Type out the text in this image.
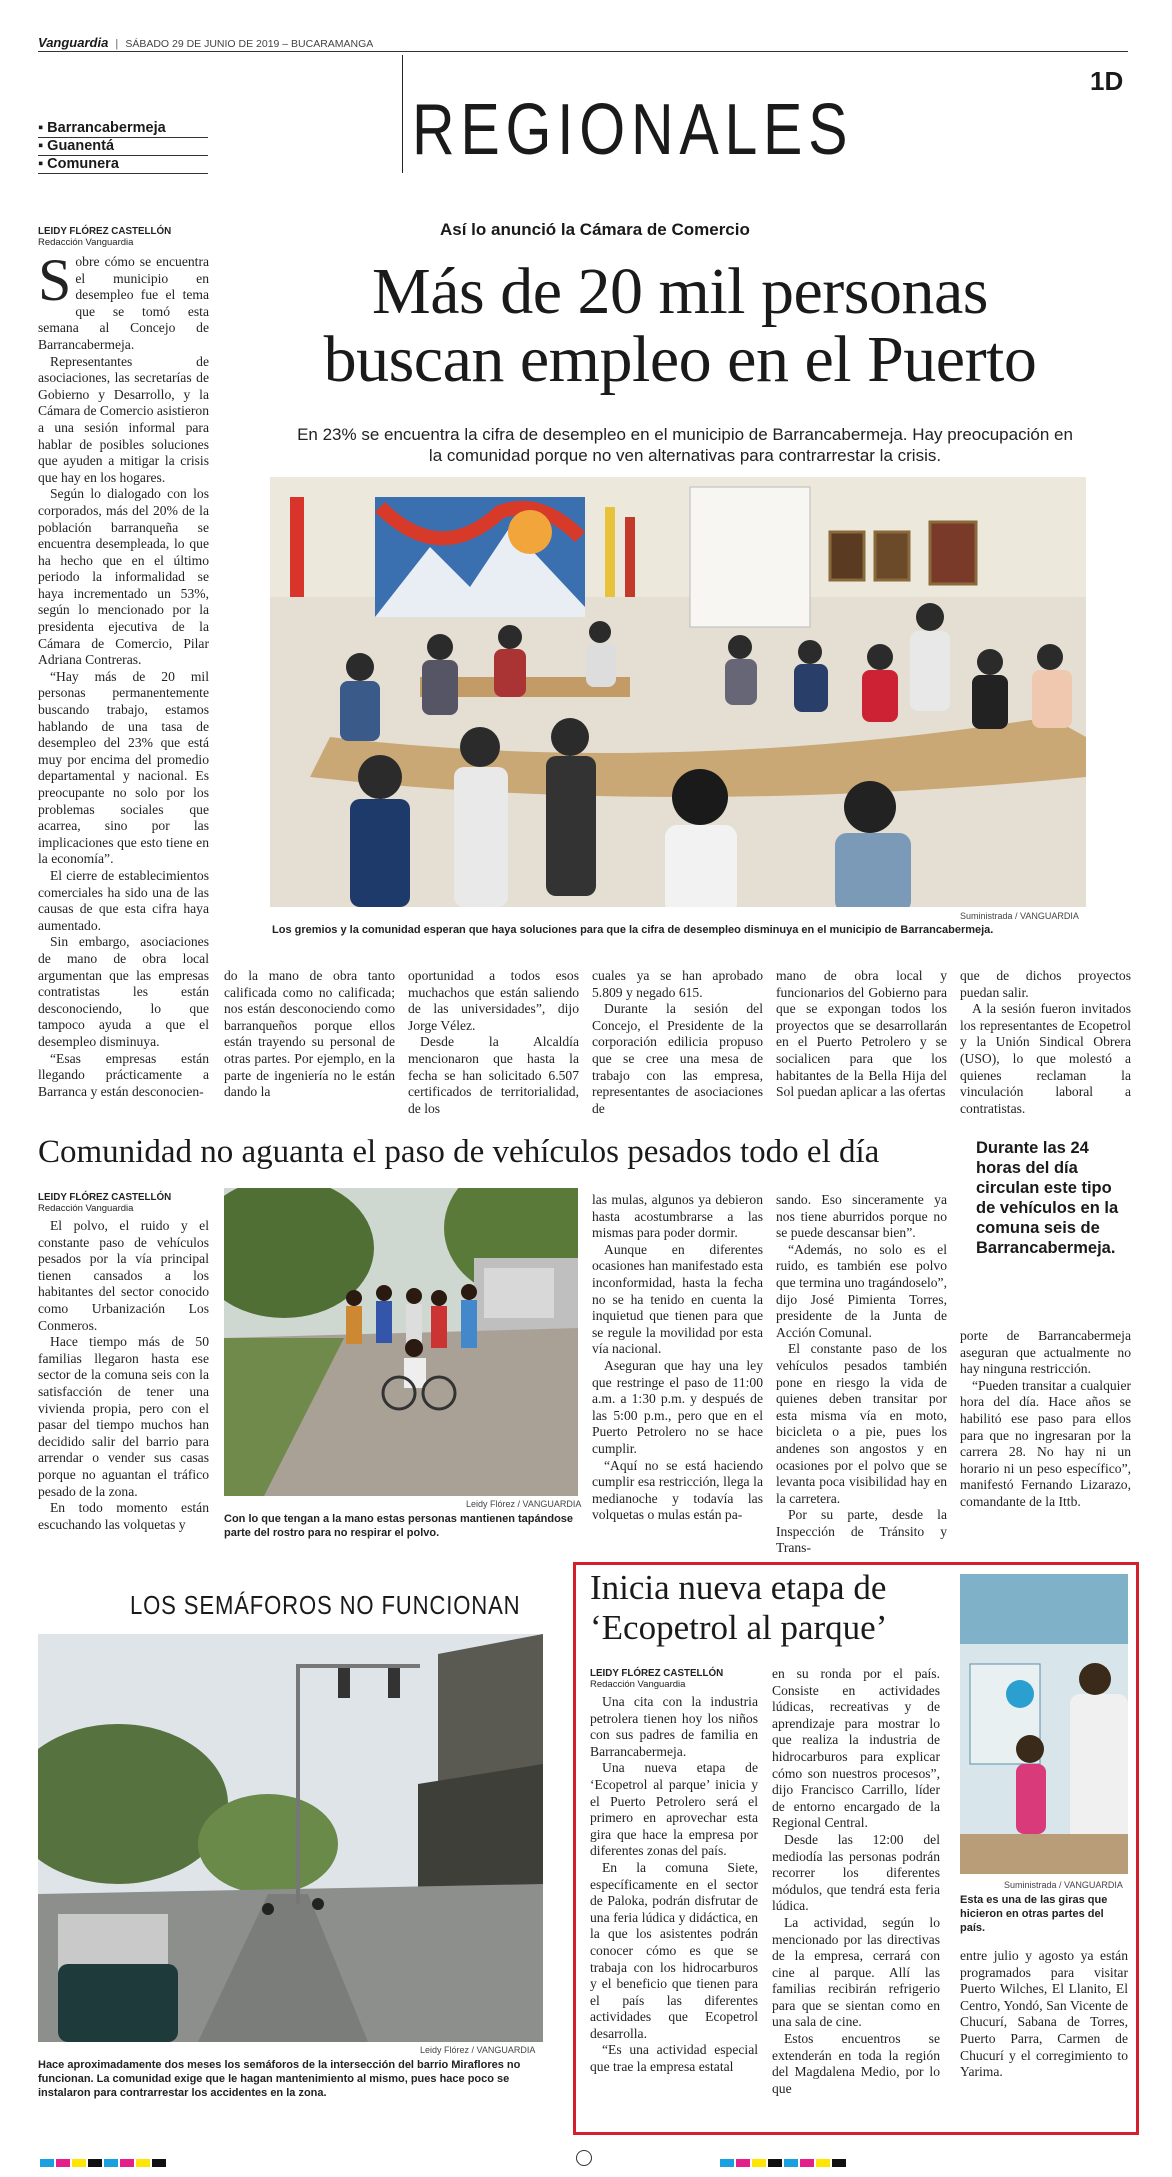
Vanguardia | SÁBADO 29 DE JUNIO DE 2019 – BUCARAMANGA
1D
▪ Barrancabermeja
▪ Guanentá
▪ Comunera	REGIONALES
LEIDY FLÓREZ CASTELLÓN
Redacción Vanguardia
Así lo anunció la Cámara de Comercio
Más de 20 mil personas
buscan empleo en el Puerto
En 23% se encuentra la cifra de desempleo en el municipio de Barrancabermeja. Hay preocupación en
la comunidad porque no ven alternativas para contrarrestar la crisis.
S obre cómo se encuentra el municipio en desempleo fue el tema que se tomó esta semana al Concejo de Barrancabermeja.

Representantes de asociaciones, las secretarías de Gobierno y Desarrollo, y la Cámara de Comercio asistieron a una sesión informal para hablar de posibles soluciones que ayuden a mitigar la crisis que hay en los hogares.

Según lo dialogado con los corporados, más del 20% de la población barranqueña se encuentra desempleada, lo que ha hecho que en el último periodo la informalidad se haya incrementado un 53%, según lo mencionado por la presidenta ejecutiva de la Cámara de Comercio, Pilar Adriana Contreras.

“Hay más de 20 mil personas permanentemente buscando trabajo, estamos hablando de una tasa de desempleo del 23% que está muy por encima del promedio departamental y nacional. Es preocupante no solo por los problemas sociales que acarrea, sino por las implicaciones que esto tiene en la economía”.

El cierre de establecimientos comerciales ha sido una de las causas de que esta cifra haya aumentado.

Sin embargo, asociaciones de mano de obra local argumentan que las empresas contratistas les están desconociendo, lo que tampoco ayuda a que el desempleo disminuya.

“Esas empresas están llegando prácticamente a Barranca y están desconocien-

Suministrada / VANGUARDIA
Los gremios y la comunidad esperan que haya soluciones para que la cifra de desempleo disminuya en el municipio de Barrancabermeja.

do la mano de obra tanto calificada como no calificada; nos están desconociendo como barranqueños porque ellos están trayendo su personal de otras partes. Por ejemplo, en la parte de ingeniería no le están dando la

oportunidad a todos esos muchachos que están saliendo de las universidades”, dijo Jorge Vélez.

Desde la Alcaldía mencionaron que hasta la fecha se han solicitado 6.507 certificados de territorialidad, de los

cuales ya se han aprobado 5.809 y negado 615.

Durante la sesión del Concejo, el Presidente de la corporación edilicia propuso que se cree una mesa de trabajo con las empresa, representantes de asociaciones de

mano de obra local y funcionarios del Gobierno para que se expongan todos los proyectos que se desarrollarán en el Puerto Petrolero y se socialicen para que los habitantes de la Bella Hija del Sol puedan aplicar a las ofertas

que de dichos proyectos puedan salir.

A la sesión fueron invitados los representantes de Ecopetrol y la Unión Sindical Obrera (USO), lo que molestó a quienes reclaman la vinculación laboral a contratistas.

Comunidad no aguanta el paso de vehículos pesados todo el día
LEIDY FLÓREZ CASTELLÓN
Redacción Vanguardia

El polvo, el ruido y el constante paso de vehículos pesados por la vía principal tienen cansados a los habitantes del sector conocido como Urbanización Los Conmeros.

Hace tiempo más de 50 familias llegaron hasta ese sector de la comuna seis con la satisfacción de tener una vivienda propia, pero con el pasar del tiempo muchos han decidido salir del barrio para arrendar o vender sus casas porque no aguantan el tráfico pesado de la zona.

En todo momento están escuchando las volquetas y

Leidy Flórez / VANGUARDIA
Con lo que tengan a la mano estas personas mantienen tapándose parte del rostro para no respirar el polvo.

las mulas, algunos ya debieron hasta acostumbrarse a las mismas para poder dormir.

Aunque en diferentes ocasiones han manifestado esta inconformidad, hasta la fecha no se ha tenido en cuenta la inquietud que tienen para que se regule la movilidad por esta vía nacional.

Aseguran que hay una ley que restringe el paso de 11:00 a.m. a 1:30 p.m. y después de las 5:00 p.m., pero que en el Puerto Petrolero no se hace cumplir.

“Aquí no se está haciendo cumplir esa restricción, llega la medianoche y todavía las volquetas o mulas están pa-

sando. Eso sinceramente ya nos tiene aburridos porque no se puede descansar bien”.

“Además, no solo es el ruido, es también ese polvo que termina uno tragándoselo”, dijo José Pimienta Torres, presidente de la Junta de Acción Comunal.

El constante paso de los vehículos pesados también pone en riesgo la vida de quienes deben transitar por esta misma vía en moto, bicicleta o a pie, pues los andenes son angostos y en ocasiones por el polvo que se levanta poca visibilidad hay en la carretera.

Por su parte, desde la Inspección de Tránsito y Trans-

Durante las 24 horas del día circulan este tipo de vehículos en la comuna seis de Barrancabermeja.

porte de Barrancabermeja aseguran que actualmente no hay ninguna restricción.

“Pueden transitar a cualquier hora del día. Hace años se habilitó ese paso para ellos para que no ingresaran por la carrera 28. No hay ni un horario ni un peso específico”, manifestó Fernando Lizarazo, comandante de la Ittb.

LOS SEMÁFOROS NO FUNCIONAN
Leidy Flórez / VANGUARDIA
Hace aproximadamente dos meses los semáforos de la intersección del barrio Miraflores no funcionan. La comunidad exige que le hagan mantenimiento al mismo, pues hace poco se instalaron para contrarrestar los accidentes en la zona.
Inicia nueva etapa de
‘Ecopetrol al parque’
LEIDY FLÓREZ CASTELLÓN
Redacción Vanguardia

Una cita con la industria petrolera tienen hoy los niños con sus padres de familia en Barrancabermeja.

Una nueva etapa de ‘Ecopetrol al parque’ inicia y el Puerto Petrolero será el primero en aprovechar esta gira que hace la empresa por diferentes zonas del país.

En la comuna Siete, específicamente en el sector de Paloka, podrán disfrutar de una feria lúdica y didáctica, en la que los asistentes podrán conocer cómo es que se trabaja con los hidrocarburos y el beneficio que tienen para el país las diferentes actividades que Ecopetrol desarrolla.

“Es una actividad especial que trae la empresa estatal

en su ronda por el país. Consiste en actividades lúdicas, recreativas y de aprendizaje para mostrar lo que realiza la industria de hidrocarburos para explicar cómo son nuestros procesos”, dijo Francisco Carrillo, líder de entorno encargado de la Regional Central.

Desde las 12:00 del mediodía las personas podrán recorrer los diferentes módulos, que tendrá esta feria lúdica.

La actividad, según lo mencionado por las directivas de la empresa, cerrará con cine al parque. Allí las familias recibirán refrigerio para que se sientan como en una sala de cine.

Estos encuentros se extenderán en toda la región del Magdalena Medio, por lo que

Suministrada / VANGUARDIA
Esta es una de las giras que hicieron en otras partes del país.

entre julio y agosto ya están programados para visitar Puerto Wilches, El Llanito, El Centro, Yondó, San Vicente de Chucurí, Sabana de Torres, Puerto Parra, Carmen de Chucurí y el corregimiento to Yarima.
